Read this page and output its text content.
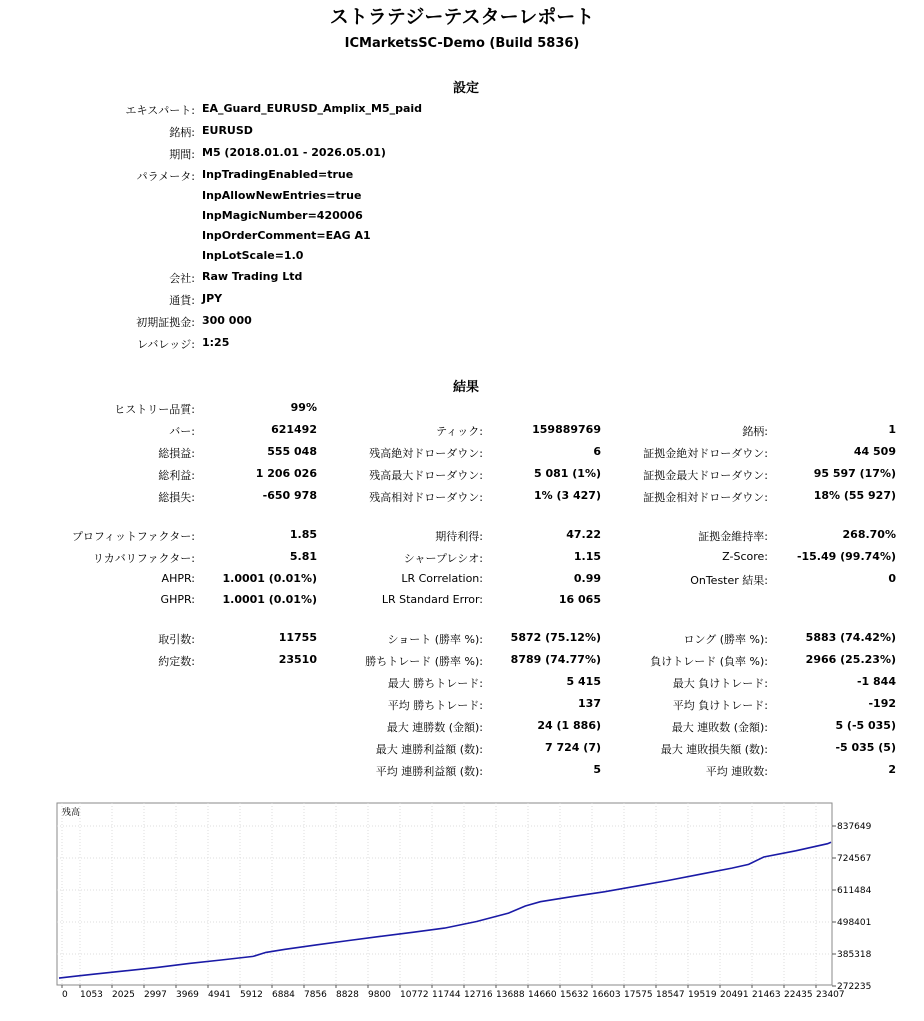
ストラテジーテスターレポート
ICMarketsSC-Demo (Build 5836)
設定
エキスパート: EA_Guard_EURUSD_Amplix_M5_paid
銘柄: EURUSD
期間: M5 (2018.01.01 - 2026.05.01)
パラメータ: InpTradingEnabled=true
InpAllowNewEntries=true
InpMagicNumber=420006
InpOrderComment=EAG A1
InpLotScale=1.0
会社: Raw Trading Ltd
通貨: JPY
初期証拠金: 300 000
レバレッジ: 1:25
結果
ヒストリー品質:	99%
バー:	621492	ティック:	159889769	銘柄:	1
総損益:	555 048	残高絶対ドローダウン:	6	証拠金絶対ドローダウン:	44 509
総利益:	1 206 026	残高最大ドローダウン:	5 081 (1%)	証拠金最大ドローダウン:	95 597 (17%)
総損失:	-650 978	残高相対ドローダウン:	1% (3 427)	証拠金相対ドローダウン:	18% (55 927)
プロフィットファクター:	1.85	期待利得:	47.22	証拠金維持率:	268.70%
リカバリファクター:	5.81	シャープレシオ:	1.15	Z-Score:	-15.49 (99.74%)
AHPR:	1.0001 (0.01%)	LR Correlation:	0.99	OnTester 結果:	0
GHPR:	1.0001 (0.01%)	LR Standard Error:	16 065
取引数:	11755	ショート (勝率 %):	5872 (75.12%)	ロング (勝率 %):	5883 (74.42%)
約定数:	23510	勝ちトレード (勝率 %):	8789 (74.77%)	負けトレード (負率 %):	2966 (25.23%)
最大 勝ちトレード:	5 415	最大 負けトレード:	-1 844
平均 勝ちトレード:	137	平均 負けトレード:	-192
最大 連勝数 (金額):	24 (1 886)	最大 連敗数 (金額):	5 (-5 035)
最大 連勝利益額 (数):	7 724 (7)	最大 連敗損失額 (数):	-5 035 (5)
平均 連勝利益額 (数):	5	平均 連敗数:	2
0 1053 2025 2997 3969 4941 5912 6884 7856 8828 9800 10772 11744 12716 13688 14660 15632 16603 17575 18547 19519 20491 21463 22435 23407
837649
724567
611484
498401
385318
272235
残高
